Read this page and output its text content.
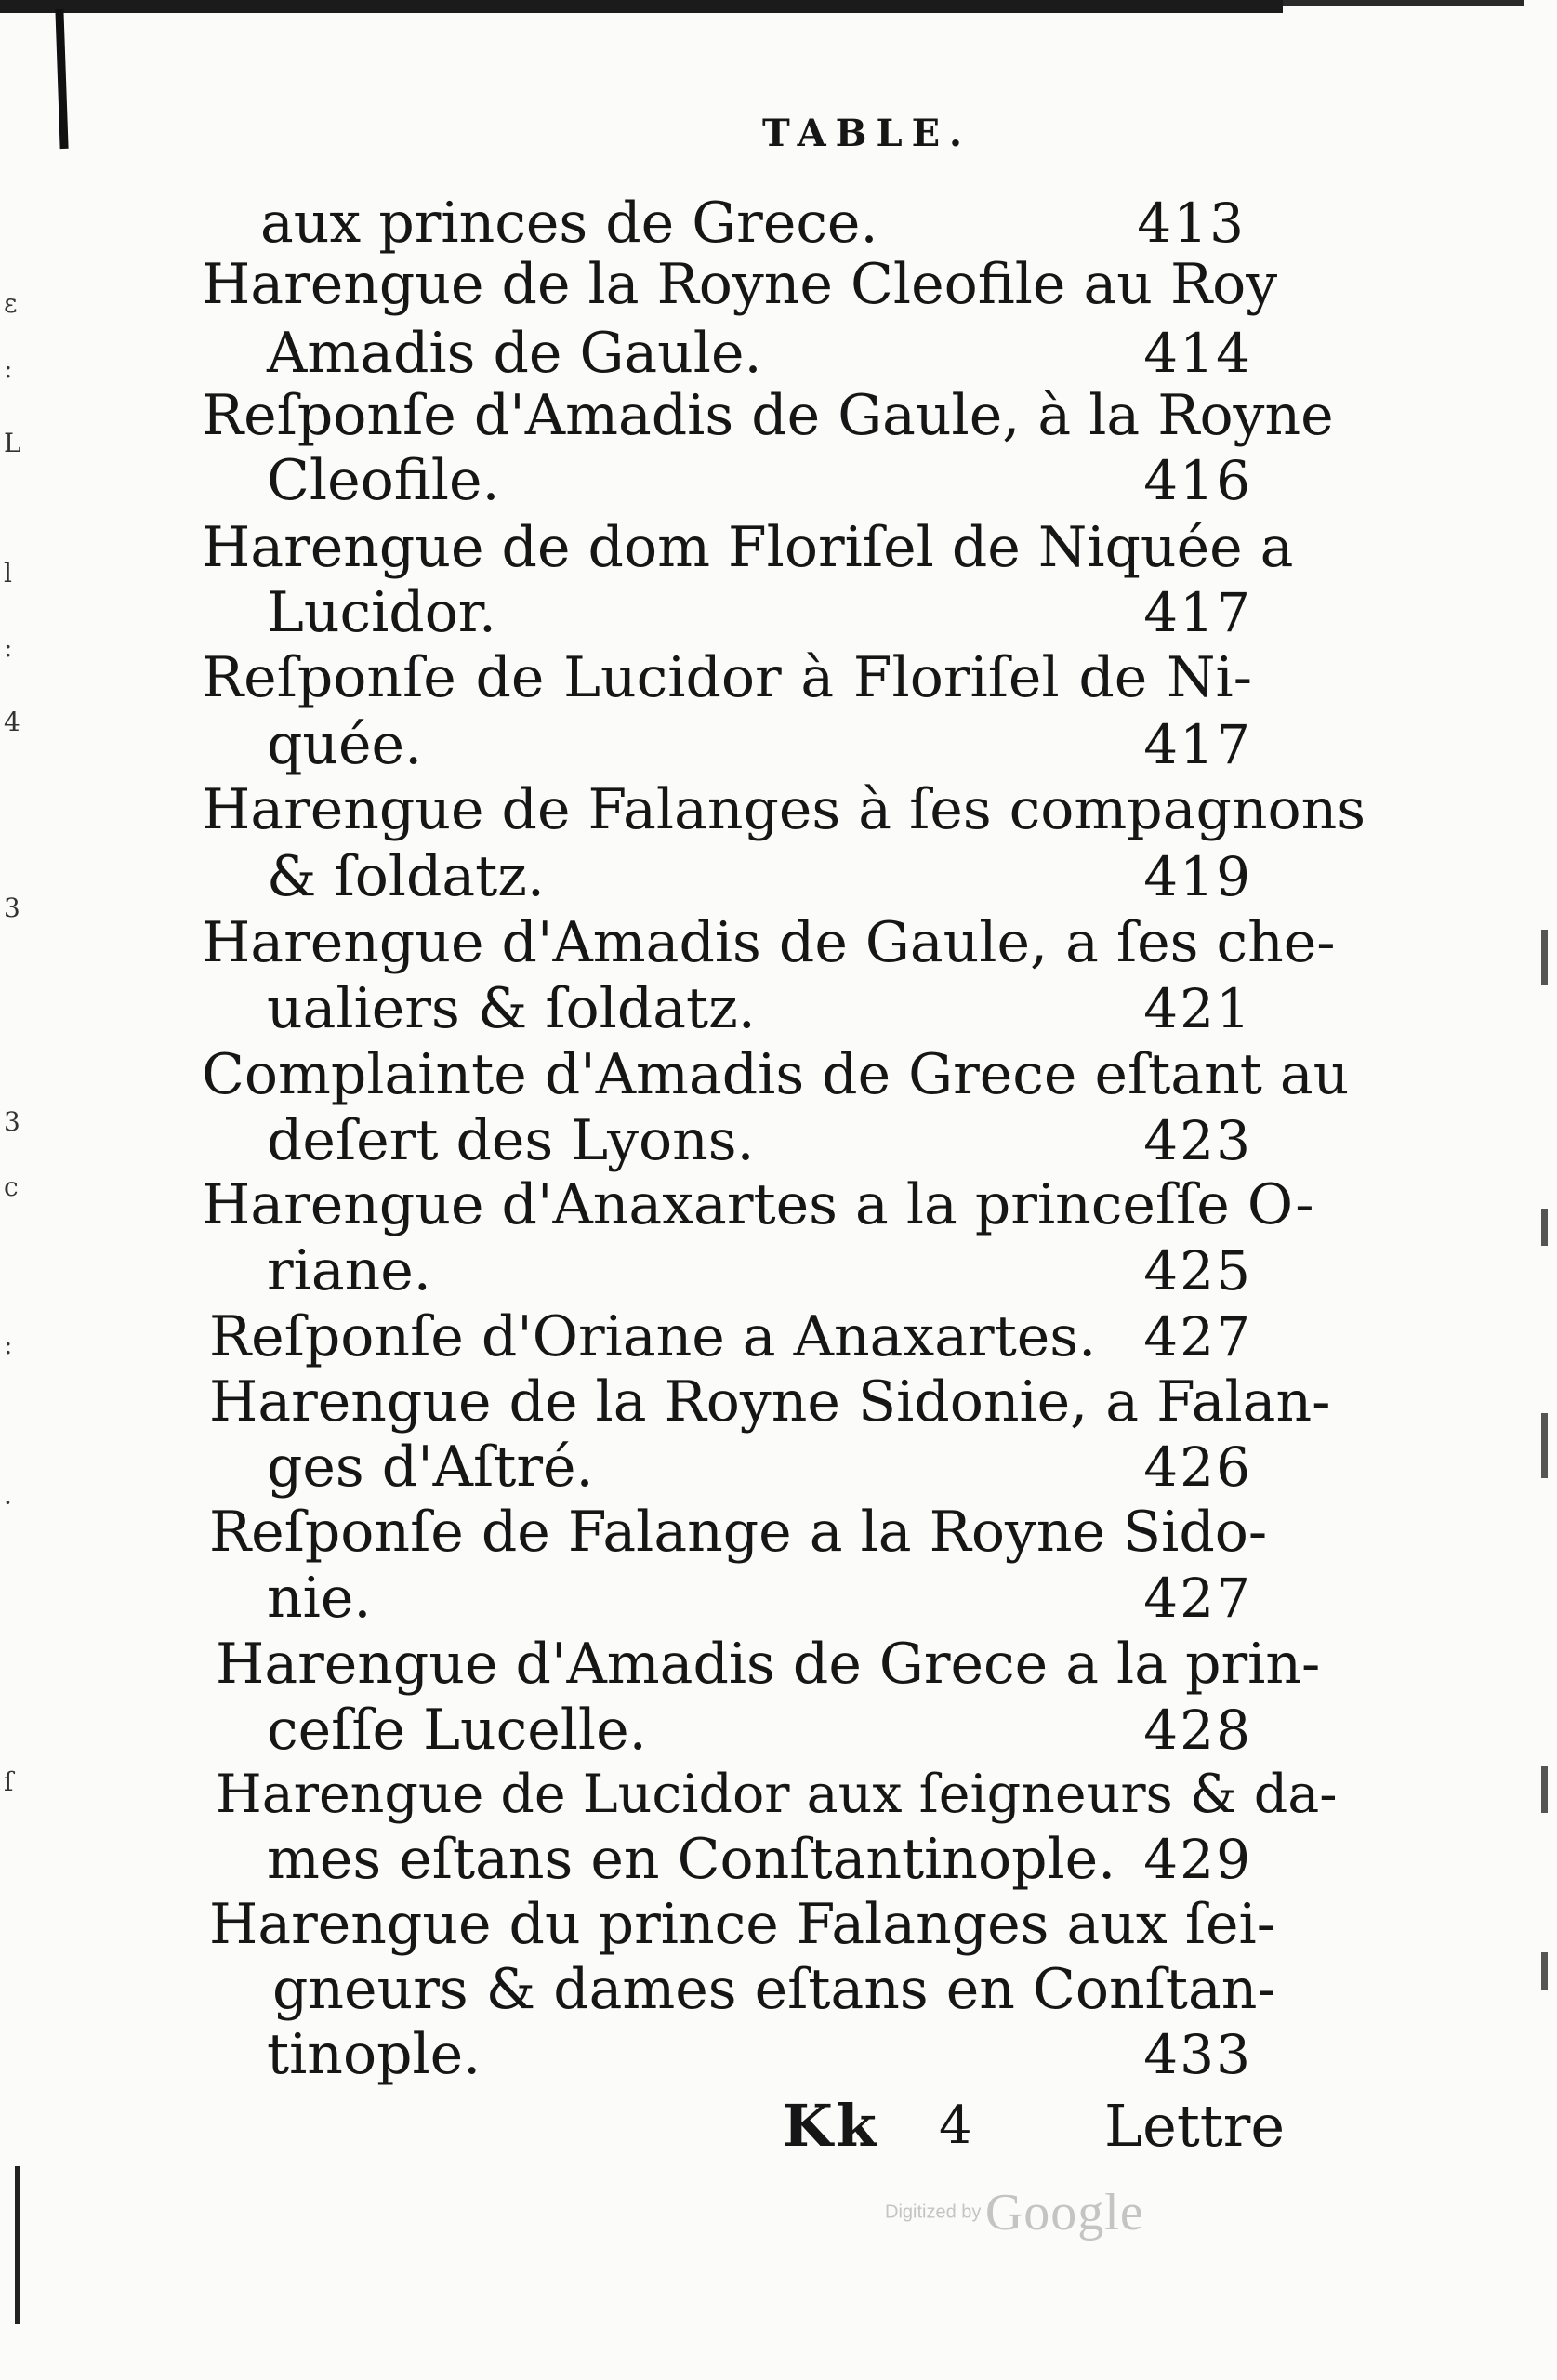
ε
:
L
l
:
4
3
3
c
:
·
ſ
TABLE.
aux princes de Grece.	413
Harengue de la Royne Cleofile au Roy
Amadis de Gaule.	414
Reſponſe d'Amadis de Gaule, à la Royne
Cleofile.	416
Harengue de dom Floriſel de Niquée a
Lucidor.	417
Reſponſe de Lucidor à Floriſel de Ni-
quée.	417
Harengue de Falanges à ſes compagnons
& ſoldatz.	419
Harengue d'Amadis de Gaule, a ſes che-
ualiers & ſoldatz.	421
Complainte d'Amadis de Grece eſtant au
deſert des Lyons.	423
Harengue d'Anaxartes a la princeſſe O-
riane.	425
Reſponſe d'Oriane a Anaxartes. 427
Harengue de la Royne Sidonie, a Falan-
ges d'Aſtré.	426
Reſponſe de Falange a la Royne Sido-
nie.	427
Harengue d'Amadis de Grece a la prin-
ceſſe Lucelle.	428
Harengue de Lucidor aux ſeigneurs & da-
mes eſtans en Conſtantinople. 429
Harengue du prince Falanges aux ſei-
gneurs & dames eſtans en Conſtan-
tinople.	433
Kk 4 Lettre
Digitized by Google
